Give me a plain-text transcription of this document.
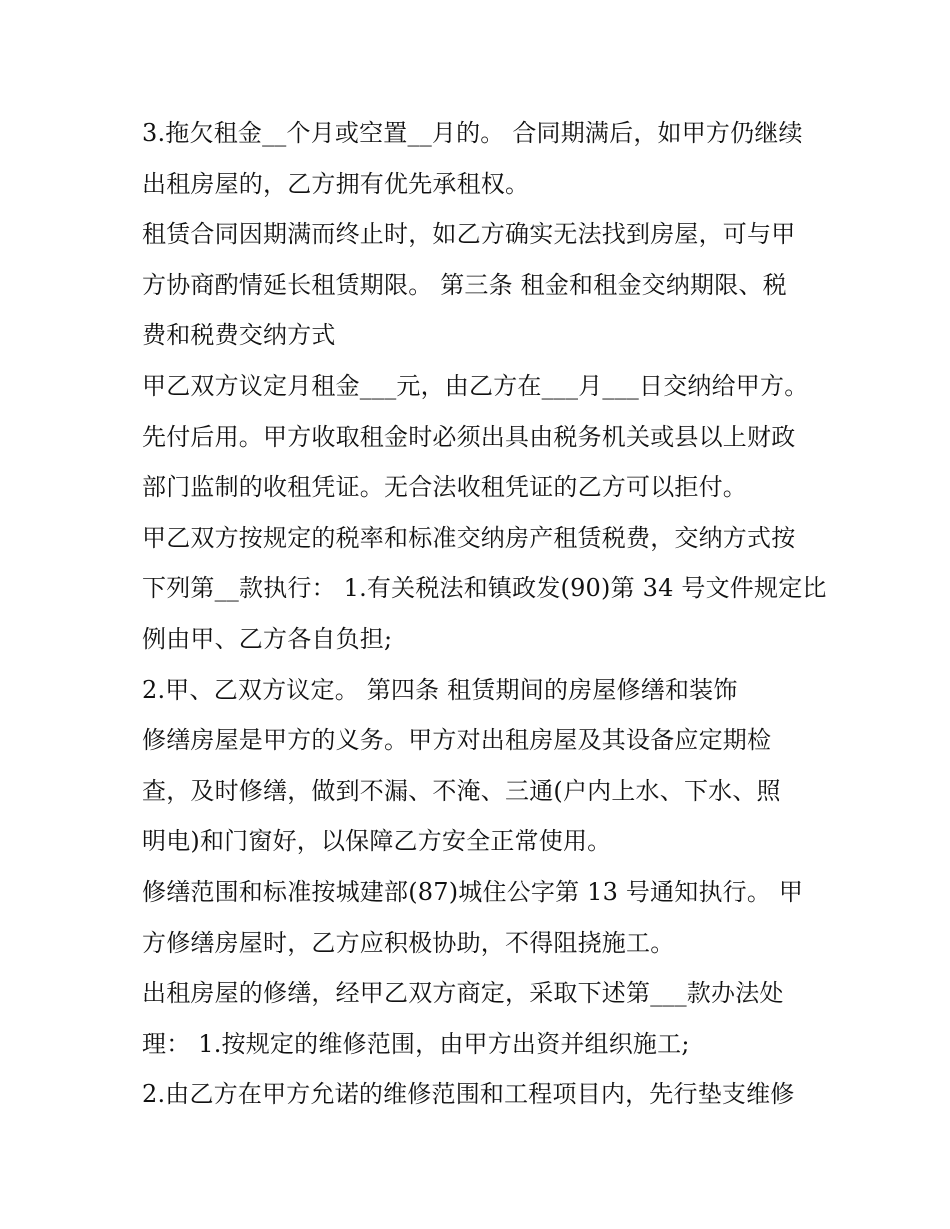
3.拖欠租金__个月或空置__月的。 合同期满后，如甲方仍继续
出租房屋的，乙方拥有优先承租权。
租赁合同因期满而终止时，如乙方确实无法找到房屋，可与甲
方协商酌情延长租赁期限。 第三条 租金和租金交纳期限、税
费和税费交纳方式
甲乙双方议定月租金___元，由乙方在___月___日交纳给甲方。
先付后用。甲方收取租金时必须出具由税务机关或县以上财政
部门监制的收租凭证。无合法收租凭证的乙方可以拒付。
甲乙双方按规定的税率和标准交纳房产租赁税费，交纳方式按
下列第__款执行： 1.有关税法和镇政发(90)第 34 号文件规定比
例由甲、乙方各自负担;
2.甲、乙双方议定。 第四条 租赁期间的房屋修缮和装饰
修缮房屋是甲方的义务。甲方对出租房屋及其设备应定期检
查，及时修缮，做到不漏、不淹、三通(户内上水、下水、照
明电)和门窗好，以保障乙方安全正常使用。
修缮范围和标准按城建部(87)城住公字第 13 号通知执行。 甲
方修缮房屋时，乙方应积极协助，不得阻挠施工。
出租房屋的修缮，经甲乙双方商定，采取下述第___款办法处
理： 1.按规定的维修范围，由甲方出资并组织施工;
2.由乙方在甲方允诺的维修范围和工程项目内，先行垫支维修
